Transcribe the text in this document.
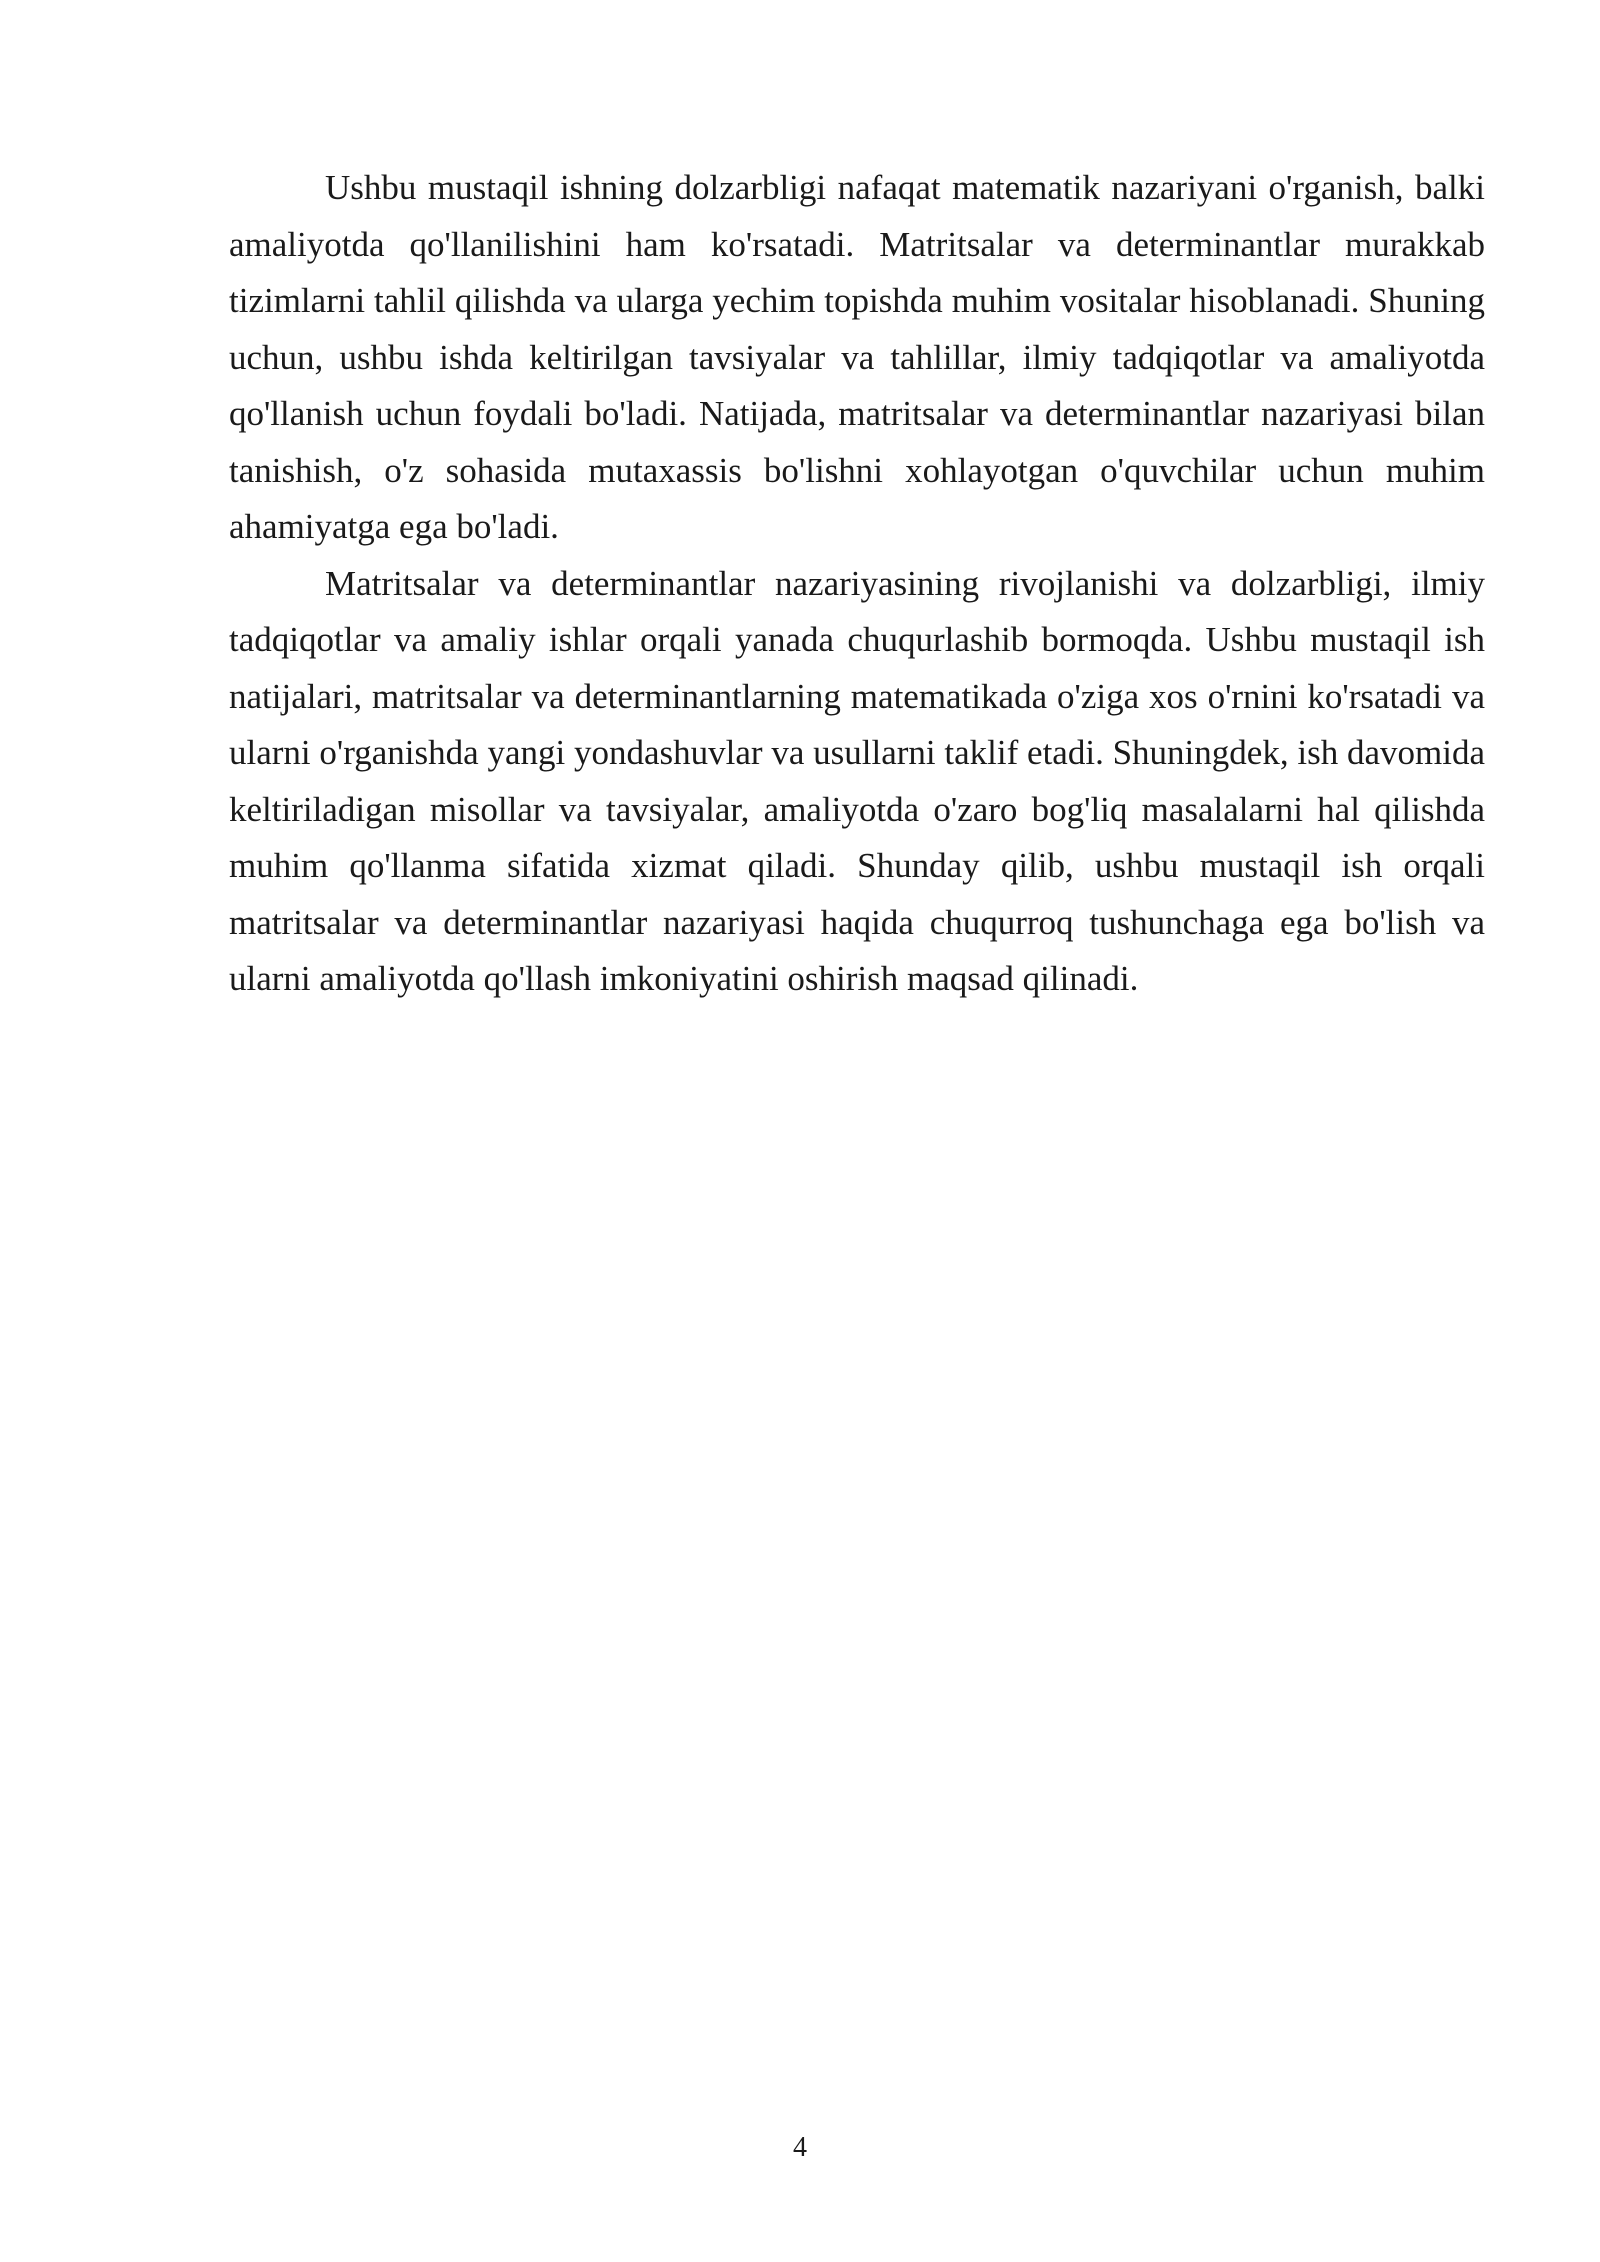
Ushbu mustaqil ishning dolzarbligi nafaqat matematik nazariyani o'rganish, balki amaliyotda qo'llanilishini ham ko'rsatadi. Matritsalar va determinantlar murakkab tizimlarni tahlil qilishda va ularga yechim topishda muhim vositalar hisoblanadi. Shuning uchun, ushbu ishda keltirilgan tavsiyalar va tahlillar, ilmiy tadqiqotlar va amaliyotda qo'llanish uchun foydali bo'ladi. Natijada, matritsalar va determinantlar nazariyasi bilan tanishish, o'z sohasida mutaxassis bo'lishni xohlayotgan o'quvchilar uchun muhim ahamiyatga ega bo'ladi.

Matritsalar va determinantlar nazariyasining rivojlanishi va dolzarbligi, ilmiy tadqiqotlar va amaliy ishlar orqali yanada chuqurlashib bormoqda. Ushbu mustaqil ish natijalari, matritsalar va determinantlarning matematikada o'ziga xos o'rnini ko'rsatadi va ularni o'rganishda yangi yondashuvlar va usullarni taklif etadi. Shuningdek, ish davomida keltiriladigan misollar va tavsiyalar, amaliyotda o'zaro bog'liq masalalarni hal qilishda muhim qo'llanma sifatida xizmat qiladi. Shunday qilib, ushbu mustaqil ish orqali matritsalar va determinantlar nazariyasi haqida chuqurroq tushunchaga ega bo'lish va ularni amaliyotda qo'llash imkoniyatini oshirish maqsad qilinadi.

4
